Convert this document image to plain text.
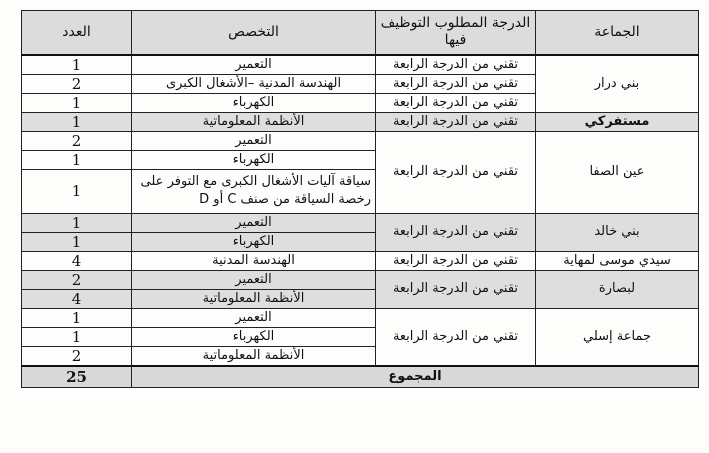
الجماعة	الدرجة المطلوب التوظيف فيها	التخصص	العدد
بني درار	تقني من الدرجة الرابعة	التعمير	1
	تقني من الدرجة الرابعة	الهندسة المدنية –الأشغال الكبرى	2
	تقني من الدرجة الرابعة	الكهرباء	1
مستفركي	تقني من الدرجة الرابعة	الأنظمة المعلوماتية	1
عين الصفا	تقني من الدرجة الرابعة	التعمير	2
		الكهرباء	1
		سياقة آليات الأشغال الكبرى مع التوفر على رخصة السياقة من صنف C أو D	1
بني خالد	تقني من الدرجة الرابعة	التعمير	1
		الكهرباء	1
سيدي موسى لمهاية	تقني من الدرجة الرابعة	الهندسة المدنية	4
لبصارة	تقني من الدرجة الرابعة	التعمير	2
		الأنظمة المعلوماتية	4
جماعة إسلي	تقني من الدرجة الرابعة	التعمير	1
		الكهرباء	1
		الأنظمة المعلوماتية	2
المجموع			25
